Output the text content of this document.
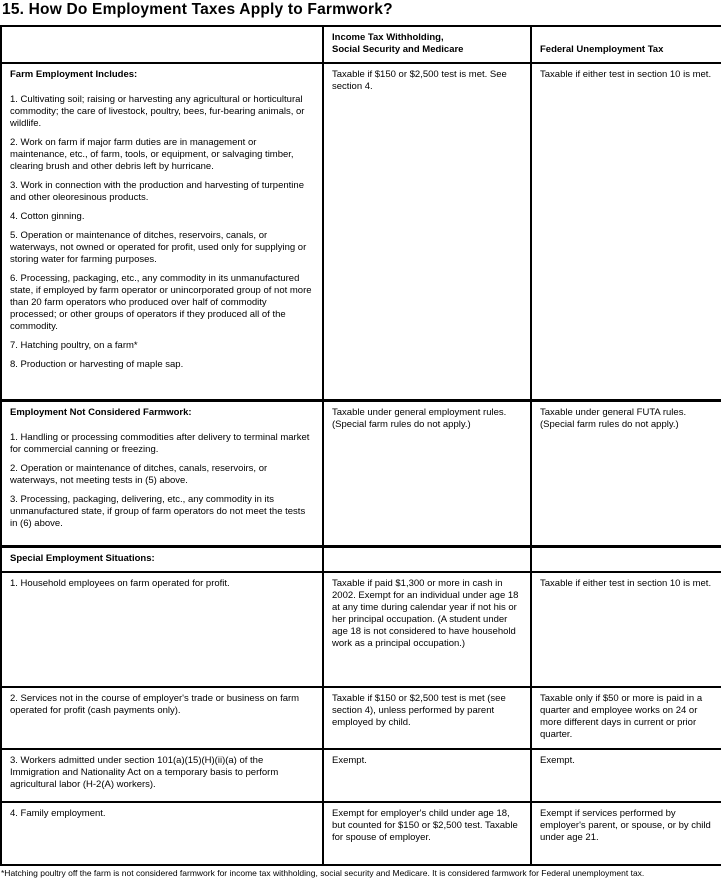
15. How Do Employment Taxes Apply to Farmwork?

	Income Tax Withholding,
Social Security and Medicare	Federal Unemployment Tax

Farm Employment Includes:

1. Cultivating soil; raising or harvesting any agricultural or horticultural commodity; the care of livestock, poultry, bees, fur-bearing animals, or wildlife.

2. Work on farm if major farm duties are in management or maintenance, etc., of farm, tools, or equipment, or salvaging timber, clearing brush and other debris left by hurricane.

3. Work in connection with the production and harvesting of turpentine and other oleoresinous products.

4. Cotton ginning.

5. Operation or maintenance of ditches, reservoirs, canals, or waterways, not owned or operated for profit, used only for supplying or storing water for farming purposes.

6. Processing, packaging, etc., any commodity in its unmanufactured state, if employed by farm operator or unincorporated group of not more than 20 farm operators who produced over half of commodity processed; or other groups of operators if they produced all of the commodity.

7. Hatching poultry, on a farm*

8. Production or harvesting of maple sap.

	Taxable if $150 or $2,500 test is met. See section 4.	Taxable if either test in section 10 is met.

Employment Not Considered Farmwork:

1. Handling or processing commodities after delivery to terminal market for commercial canning or freezing.

2. Operation or maintenance of ditches, canals, reservoirs, or waterways, not meeting tests in (5) above.

3. Processing, packaging, delivering, etc., any commodity in its unmanufactured state, if group of farm operators do not meet the tests in (6) above.	Taxable under general employment rules. (Special farm rules do not apply.)	Taxable under general FUTA rules. (Special farm rules do not apply.)
Special Employment Situations:		
1. Household employees on farm operated for profit.	Taxable if paid $1,300 or more in cash in 2002. Exempt for an individual under age 18 at any time during calendar year if not his or her principal occupation. (A student under age 18 is not considered to have household work as a principal occupation.)	Taxable if either test in section 10 is met.
2. Services not in the course of employer's trade or business on farm operated for profit (cash payments only).	Taxable if $150 or $2,500 test is met (see section 4), unless performed by parent employed by child.	Taxable only if $50 or more is paid in a quarter and employee works on 24 or more different days in current or prior quarter.
3. Workers admitted under section 101(a)(15)(H)(ii)(a) of the Immigration and Nationality Act on a temporary basis to perform agricultural labor (H-2(A) workers).	Exempt.	Exempt.
4. Family employment.	Exempt for employer's child under age 18, but counted for $150 or $2,500 test. Taxable for spouse of employer.	Exempt if services performed by employer's parent, or spouse, or by child under age 21.
*Hatching poultry off the farm is not considered farmwork for income tax withholding, social security and Medicare. It is considered farmwork for Federal unemployment tax.
